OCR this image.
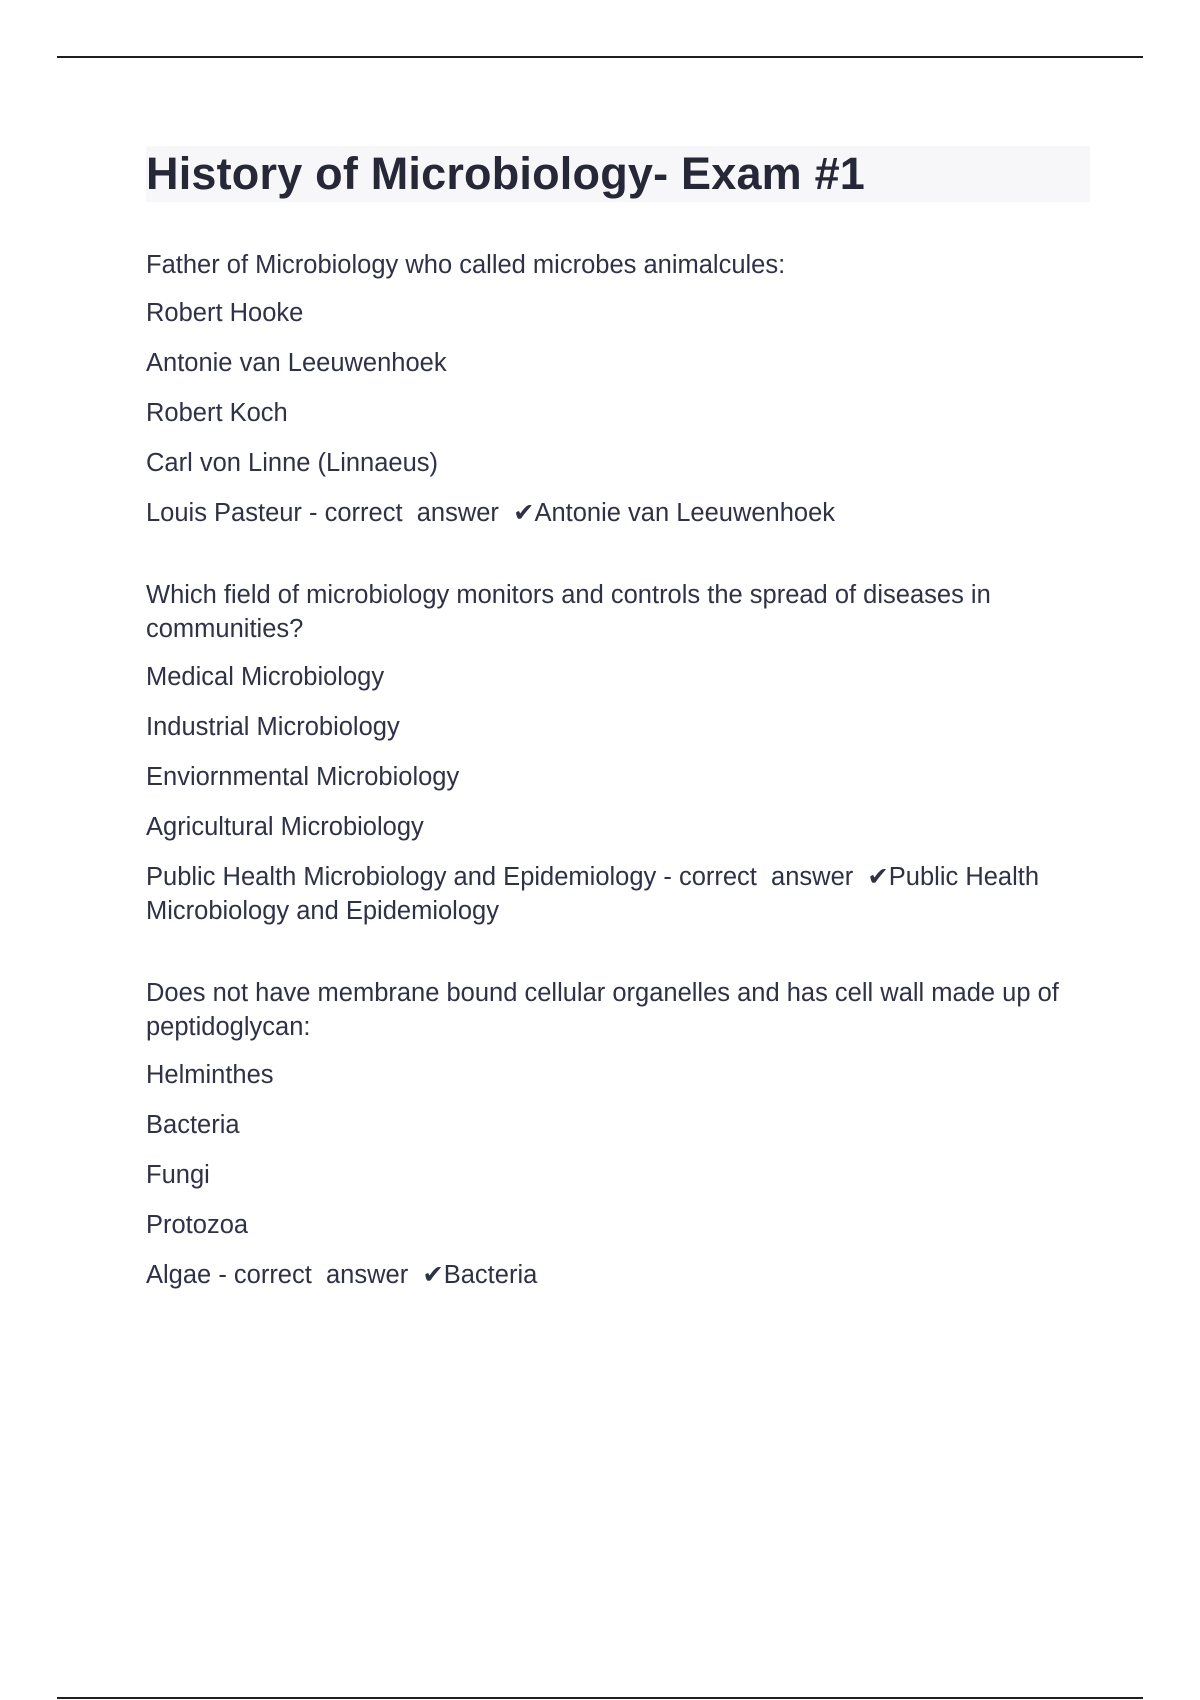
History of Microbiology- Exam #1
Father of Microbiology who called microbes animalcules:
Robert Hooke
Antonie van Leeuwenhoek
Robert Koch
Carl von Linne (Linnaeus)
Louis Pasteur - correct  answer  ✔Antonie van Leeuwenhoek
Which field of microbiology monitors and controls the spread of diseases in communities?
Medical Microbiology
Industrial Microbiology
Enviornmental Microbiology
Agricultural Microbiology
Public Health Microbiology and Epidemiology - correct  answer  ✔Public Health Microbiology and Epidemiology
Does not have membrane bound cellular organelles and has cell wall made up of peptidoglycan:
Helminthes
Bacteria
Fungi
Protozoa
Algae - correct  answer  ✔Bacteria
